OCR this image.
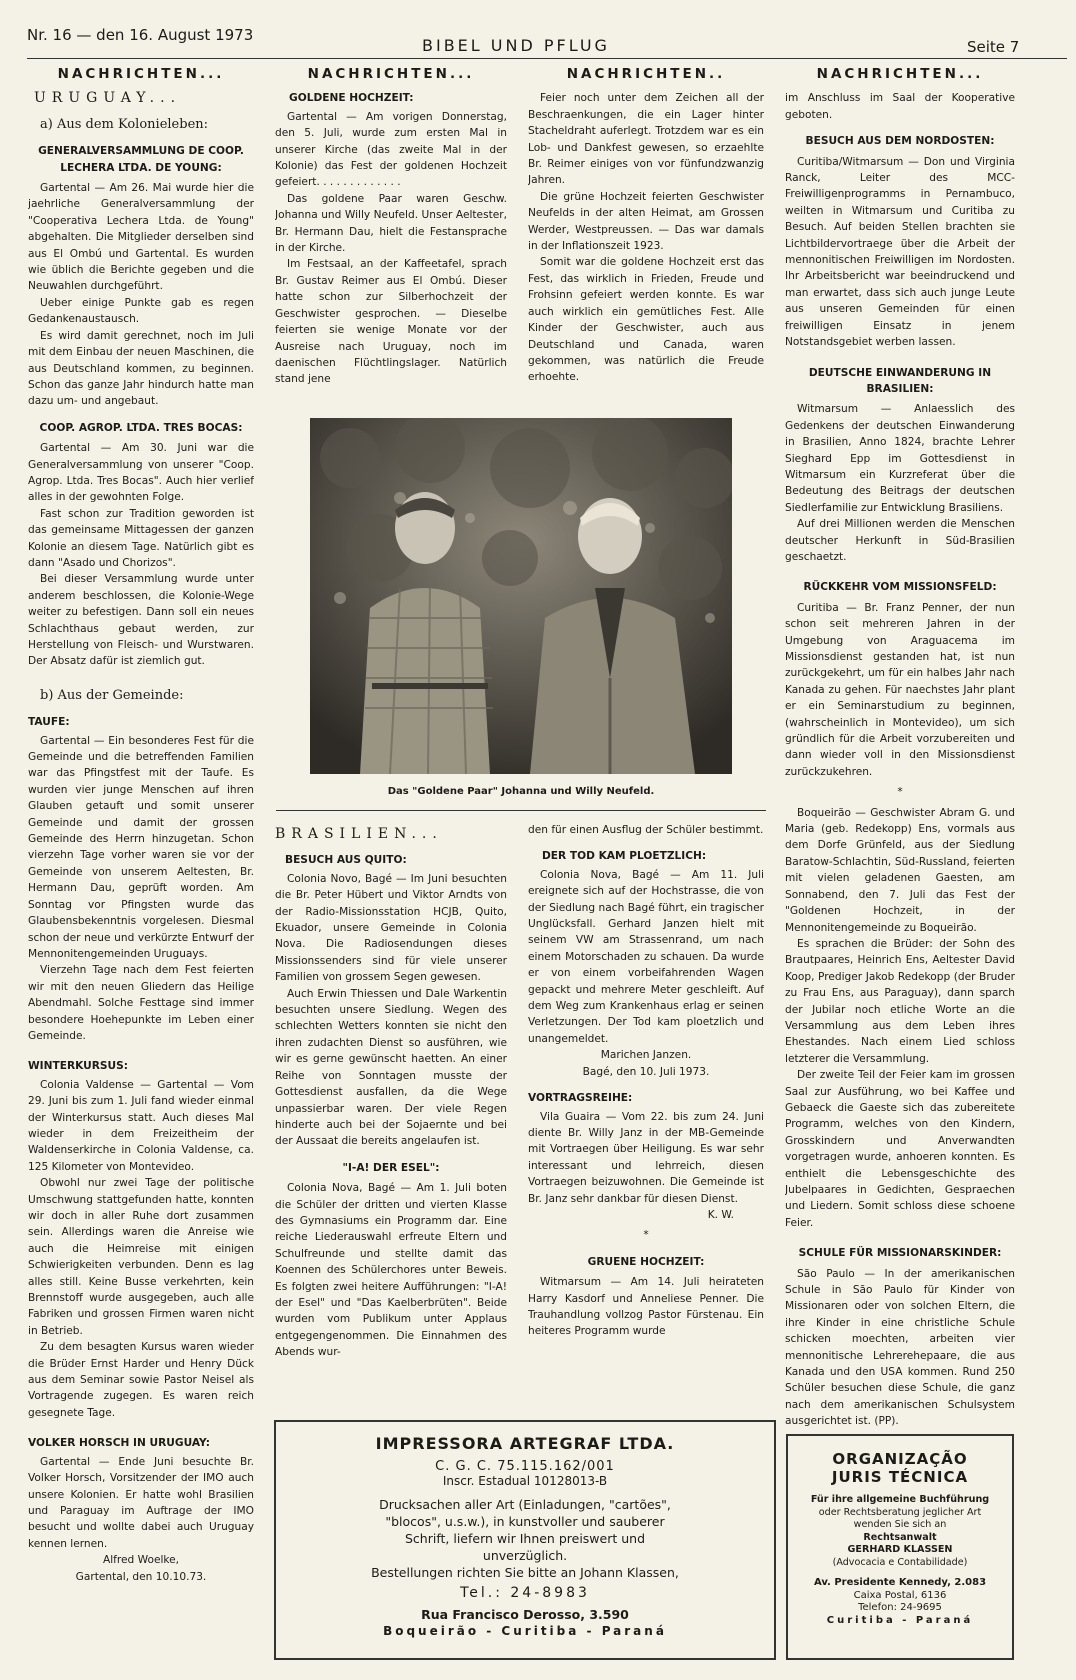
Nr. 16 — den 16. August 1973
BIBEL UND PFLUG	Seite 7
NACHRICHTEN...
URUGUAY...
a) Aus dem Kolonieleben:
GENERALVERSAMMLUNG DE COOP. LECHERA LTDA. DE YOUNG:

Gartental — Am 26. Mai wurde hier die jaehrliche Generalversammlung der "Cooperativa Lechera Ltda. de Young" abgehalten. Die Mitglieder derselben sind aus El Ombú und Gartental. Es wurden wie üblich die Berichte gegeben und die Neuwahlen durchgeführt.

Ueber einige Punkte gab es regen Gedankenaustausch.

Es wird damit gerechnet, noch im Juli mit dem Einbau der neuen Maschinen, die aus Deutschland kommen, zu beginnen. Schon das ganze Jahr hindurch hatte man dazu um- und angebaut.

COOP. AGROP. LTDA. TRES BOCAS:

Gartental — Am 30. Juni war die Generalversammlung von unserer "Coop. Agrop. Ltda. Tres Bocas". Auch hier verlief alles in der gewohnten Folge.

Fast schon zur Tradition geworden ist das gemeinsame Mittagessen der ganzen Kolonie an diesem Tage. Natürlich gibt es dann "Asado und Chorizos".

Bei dieser Versammlung wurde unter anderem beschlossen, die Kolonie-Wege weiter zu befestigen. Dann soll ein neues Schlachthaus gebaut werden, zur Herstellung von Fleisch- und Wurstwaren. Der Absatz dafür ist ziemlich gut.

b) Aus der Gemeinde:
TAUFE:

Gartental — Ein besonderes Fest für die Gemeinde und die betreffenden Familien war das Pfingstfest mit der Taufe. Es wurden vier junge Menschen auf ihren Glauben getauft und somit unserer Gemeinde und damit der grossen Gemeinde des Herrn hinzugetan. Schon vierzehn Tage vorher waren sie vor der Gemeinde von unserem Aeltesten, Br. Hermann Dau, geprüft worden. Am Sonntag vor Pfingsten wurde das Glaubensbekenntnis vorgelesen. Diesmal schon der neue und verkürzte Entwurf der Mennonitengemeinden Uruguays.

Vierzehn Tage nach dem Fest feierten wir mit den neuen Gliedern das Heilige Abendmahl. Solche Festtage sind immer besondere Hoehepunkte im Leben einer Gemeinde.

WINTERKURSUS:

Colonia Valdense — Gartental — Vom 29. Juni bis zum 1. Juli fand wieder einmal der Winterkursus statt. Auch dieses Mal wieder in dem Freizeitheim der Waldenserkirche in Colonia Valdense, ca. 125 Kilometer von Montevideo.

Obwohl nur zwei Tage der politische Umschwung stattgefunden hatte, konnten wir doch in aller Ruhe dort zusammen sein. Allerdings waren die Anreise wie auch die Heimreise mit einigen Schwierigkeiten verbunden. Denn es lag alles still. Keine Busse verkehrten, kein Brennstoff wurde ausgegeben, auch alle Fabriken und grossen Firmen waren nicht in Betrieb.

Zu dem besagten Kursus waren wieder die Brüder Ernst Harder und Henry Dück aus dem Seminar sowie Pastor Neisel als Vortragende zugegen. Es waren reich gesegnete Tage.

VOLKER HORSCH IN URUGUAY:

Gartental — Ende Juni besuchte Br. Volker Horsch, Vorsitzender der IMO auch unsere Kolonien. Er hatte wohl Brasilien und Paraguay im Auftrage der IMO besucht und wollte dabei auch Uruguay kennen lernen.

Alfred Woelke,
Gartental, den 10.10.73.
NACHRICHTEN...
GOLDENE HOCHZEIT:

Gartental — Am vorigen Donnerstag, den 5. Juli, wurde zum ersten Mal in unserer Kirche (das zweite Mal in der Kolonie) das Fest der goldenen Hochzeit gefeiert. . . . . . . . . . . . .

Das goldene Paar waren Geschw. Johanna und Willy Neufeld. Unser Aeltester, Br. Hermann Dau, hielt die Festansprache in der Kirche.

Im Festsaal, an der Kaffeetafel, sprach Br. Gustav Reimer aus El Ombú. Dieser hatte schon zur Silberhochzeit der Geschwister gesprochen. — Dieselbe feierten sie wenige Monate vor der Ausreise nach Uruguay, noch im daenischen Flüchtlingslager. Natürlich stand jene

NACHRICHTEN..

Feier noch unter dem Zeichen all der Beschraenkungen, die ein Lager hinter Stacheldraht auferlegt. Trotzdem war es ein Lob- und Dankfest gewesen, so erzaehlte Br. Reimer einiges von vor fünfundzwanzig Jahren.

Die grüne Hochzeit feierten Geschwister Neufelds in der alten Heimat, am Grossen Werder, Westpreussen. — Das war damals in der Inflationszeit 1923.

Somit war die goldene Hochzeit erst das Fest, das wirklich in Frieden, Freude und Frohsinn gefeiert werden konnte. Es war auch wirklich ein gemütliches Fest. Alle Kinder der Geschwister, auch aus Deutschland und Canada, waren gekommen, was natürlich die Freude erhoehte.

NACHRICHTEN...

im Anschluss im Saal der Kooperative geboten.

BESUCH AUS DEM NORDOSTEN:

Curitiba/Witmarsum — Don und Virginia Ranck, Leiter des MCC-Freiwilligenprogramms in Pernambuco, weilten in Witmarsum und Curitiba zu Besuch. Auf beiden Stellen brachten sie Lichtbildervortraege über die Arbeit der mennonitischen Freiwilligen im Nordosten. Ihr Arbeitsbericht war beeindruckend und man erwartet, dass sich auch junge Leute aus unseren Gemeinden für einen freiwilligen Einsatz in jenem Notstandsgebiet werben lassen.

DEUTSCHE EINWANDERUNG IN BRASILIEN:

Witmarsum — Anlaesslich des Gedenkens der deutschen Einwanderung in Brasilien, Anno 1824, brachte Lehrer Sieghard Epp im Gottesdienst in Witmarsum ein Kurzreferat über die Bedeutung des Beitrags der deutschen Siedlerfamilie zur Entwicklung Brasiliens.

Auf drei Millionen werden die Menschen deutscher Herkunft in Süd-Brasilien geschaetzt.

RÜCKKEHR VOM MISSIONSFELD:

Curitiba — Br. Franz Penner, der nun schon seit mehreren Jahren in der Umgebung von Araguacema im Missionsdienst gestanden hat, ist nun zurückgekehrt, um für ein halbes Jahr nach Kanada zu gehen. Für naechstes Jahr plant er ein Seminarstudium zu beginnen, (wahrscheinlich in Montevideo), um sich gründlich für die Arbeit vorzubereiten und dann wieder voll in den Missionsdienst zurückzukehren.

*

Boqueirão — Geschwister Abram G. und Maria (geb. Redekopp) Ens, vormals aus dem Dorfe Grünfeld, aus der Siedlung Baratow-Schlachtin, Süd-Russland, feierten mit vielen geladenen Gaesten, am Sonnabend, den 7. Juli das Fest der "Goldenen Hochzeit, in der Mennonitengemeinde zu Boqueirão.

Es sprachen die Brüder: der Sohn des Brautpaares, Heinrich Ens, Aeltester David Koop, Prediger Jakob Redekopp (der Bruder zu Frau Ens, aus Paraguay), dann sparch der Jubilar noch etliche Worte an die Versammlung aus dem Leben ihres Ehestandes. Nach einem Lied schloss letzterer die Versammlung.

Der zweite Teil der Feier kam im grossen Saal zur Ausführung, wo bei Kaffee und Gebaeck die Gaeste sich das zubereitete Programm, welches von den Kindern, Grosskindern und Anverwandten vorgetragen wurde, anhoeren konnten. Es enthielt die Lebensgeschichte des Jubelpaares in Gedichten, Gespraechen und Liedern. Somit schloss diese schoene Feier.

SCHULE FÜR MISSIONARSKINDER:

São Paulo — In der amerikanischen Schule in São Paulo für Kinder von Missionaren oder von solchen Eltern, die ihre Kinder in eine christliche Schule schicken moechten, arbeiten vier mennonitische Lehrerehepaare, die aus Kanada und den USA kommen. Rund 250 Schüler besuchen diese Schule, die ganz nach dem amerikanischen Schulsystem ausgerichtet ist. (PP).

Das "Goldene Paar" Johanna und Willy Neufeld.
BRASILIEN...
BESUCH AUS QUITO:

Colonia Novo, Bagé — Im Juni besuchten die Br. Peter Hübert und Viktor Arndts von der Radio-Missionsstation HCJB, Quito, Ekuador, unsere Gemeinde in Colonia Nova. Die Radiosendungen dieses Missionssenders sind für viele unserer Familien von grossem Segen gewesen.

Auch Erwin Thiessen und Dale Warkentin besuchten unsere Siedlung. Wegen des schlechten Wetters konnten sie nicht den ihren zudachten Dienst so ausführen, wie wir es gerne gewünscht haetten. An einer Reihe von Sonntagen musste der Gottesdienst ausfallen, da die Wege unpassierbar waren. Der viele Regen hinderte auch bei der Sojaernte und bei der Aussaat die bereits angelaufen ist.

"I-A! DER ESEL":

Colonia Nova, Bagé — Am 1. Juli boten die Schüler der dritten und vierten Klasse des Gymnasiums ein Programm dar. Eine reiche Liederauswahl erfreute Eltern und Schulfreunde und stellte damit das Koennen des Schülerchores unter Beweis. Es folgten zwei heitere Aufführungen: "I-A! der Esel" und "Das Kaelberbrüten". Beide wurden vom Publikum unter Applaus entgegengenommen. Die Einnahmen des Abends wur-

den für einen Ausflug der Schüler bestimmt.

DER TOD KAM PLOETZLICH:

Colonia Nova, Bagé — Am 11. Juli ereignete sich auf der Hochstrasse, die von der Siedlung nach Bagé führt, ein tragischer Unglücksfall. Gerhard Janzen hielt mit seinem VW am Strassenrand, um nach einem Motorschaden zu schauen. Da wurde er von einem vorbeifahrenden Wagen gepackt und mehrere Meter geschleift. Auf dem Weg zum Krankenhaus erlag er seinen Verletzungen. Der Tod kam ploetzlich und unangemeldet.

Marichen Janzen.
Bagé, den 10. Juli 1973.
VORTRAGSREIHE:

Vila Guaira — Vom 22. bis zum 24. Juni diente Br. Willy Janz in der MB-Gemeinde mit Vortraegen über Heiligung. Es war sehr interessant und lehrreich, diesen Vortraegen beizuwohnen. Die Gemeinde ist Br. Janz sehr dankbar für diesen Dienst.

K. W.
*
GRUENE HOCHZEIT:

Witmarsum — Am 14. Juli heirateten Harry Kasdorf und Anneliese Penner. Die Trauhandlung vollzog Pastor Fürstenau. Ein heiteres Programm wurde

IMPRESSORA ARTEGRAF LTDA.
C. G. C. 75.115.162/001
Inscr. Estadual 10128013-B
Drucksachen aller Art (Einladungen, "cartões",
"blocos", u.s.w.), in kunstvoller und sauberer
Schrift, liefern wir Ihnen preiswert und
unverzüglich.
Bestellungen richten Sie bitte an Johann Klassen,
Tel.: 24-8983
Rua Francisco Derosso, 3.590
Boqueirão - Curitiba - Paraná
ORGANIZAÇÃO
JURIS TÉCNICA
Für ihre allgemeine Buchführung
oder Rechtsberatung jeglicher Art
wenden Sie sich an
Rechtsanwalt
GERHARD KLASSEN
(Advocacia e Contabilidade)
Av. Presidente Kennedy, 2.083
Caixa Postal, 6136
Telefon: 24-9695
Curitiba - Paraná
